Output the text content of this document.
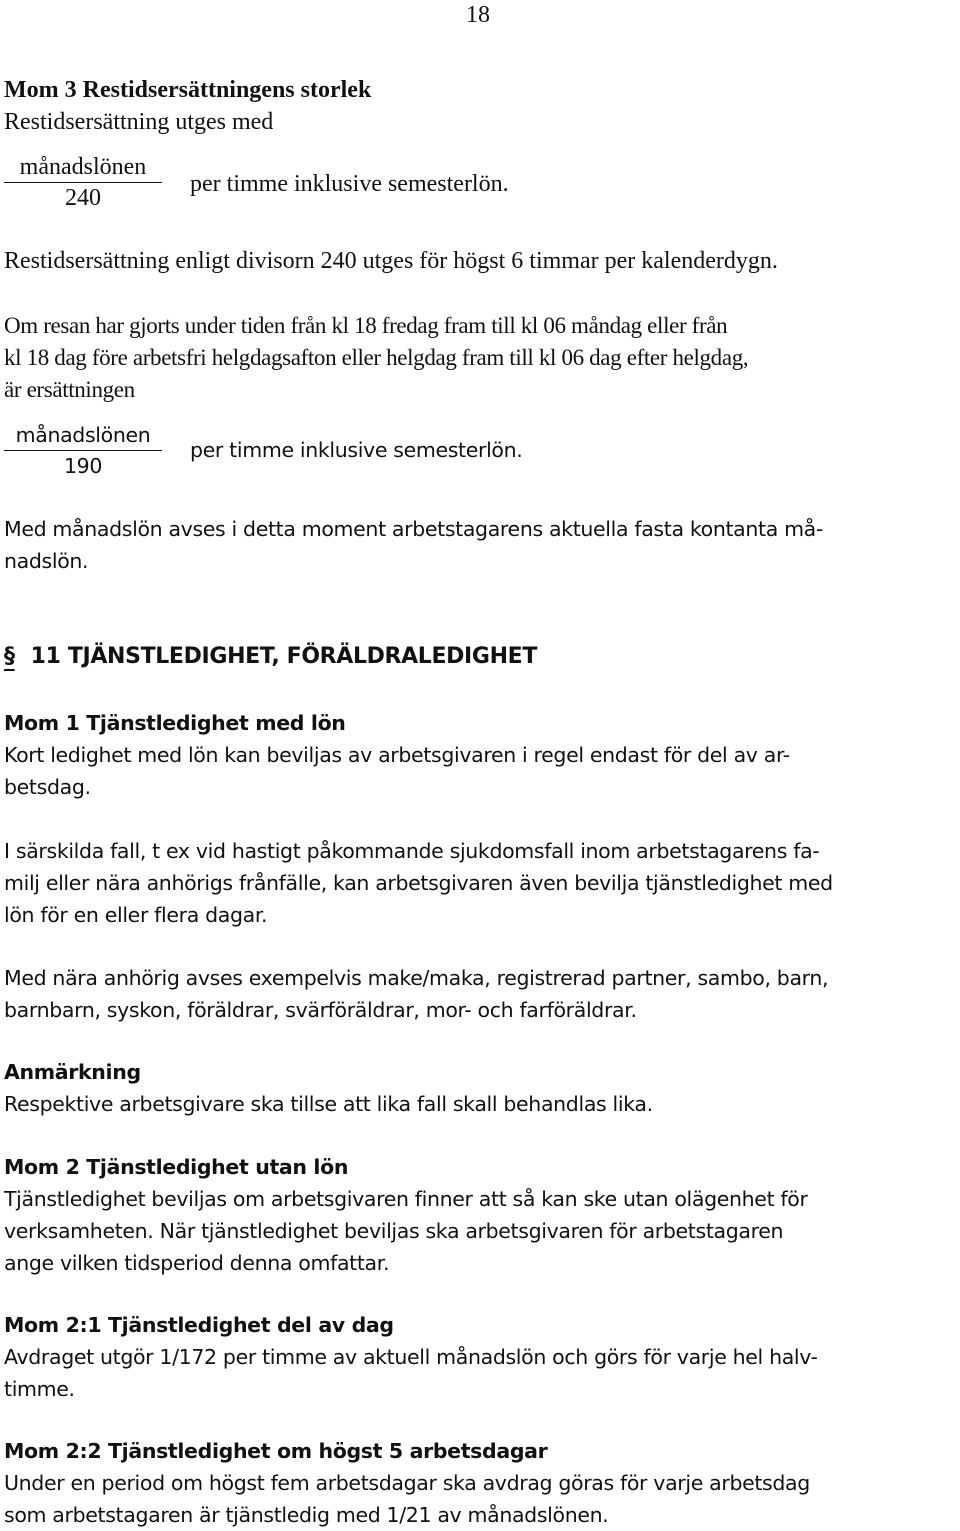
18

Mom 3 Restidsersättningens storlek

Restidsersättning utges med

månadslönen
240
per timme inklusive semesterlön.
Restidsersättning enligt divisorn 240 utges för högst 6 timmar per kalenderdygn.

Om resan har gjorts under tiden från kl 18 fredag fram till kl 06 måndag eller från

kl 18 dag före arbetsfri helgdagsafton eller helgdag fram till kl 06 dag efter helgdag,

är ersättningen

månadslönen
190
per timme inklusive semesterlön.

Med månadslön avses i detta moment arbetstagarens aktuella fasta kontanta må-

nadslön.

§ 11 TJÄNSTLEDIGHET, FÖRÄLDRALEDIGHET

Mom 1 Tjänstledighet med lön

Kort ledighet med lön kan beviljas av arbetsgivaren i regel endast för del av ar-

betsdag.

I särskilda fall, t ex vid hastigt påkommande sjukdomsfall inom arbetstagarens fa-

milj eller nära anhörigs frånfälle, kan arbetsgivaren även bevilja tjänstledighet med

lön för en eller flera dagar.

Med nära anhörig avses exempelvis make/maka, registrerad partner, sambo, barn,

barnbarn, syskon, föräldrar, svärföräldrar, mor- och farföräldrar.

Anmärkning

Respektive arbetsgivare ska tillse att lika fall skall behandlas lika.

Mom 2 Tjänstledighet utan lön

Tjänstledighet beviljas om arbetsgivaren finner att så kan ske utan olägenhet för

verksamheten. När tjänstledighet beviljas ska arbetsgivaren för arbetstagaren

ange vilken tidsperiod denna omfattar.

Mom 2:1 Tjänstledighet del av dag

Avdraget utgör 1/172 per timme av aktuell månadslön och görs för varje hel halv-

timme.

Mom 2:2 Tjänstledighet om högst 5 arbetsdagar

Under en period om högst fem arbetsdagar ska avdrag göras för varje arbetsdag

som arbetstagaren är tjänstledig med 1/21 av månadslönen.
